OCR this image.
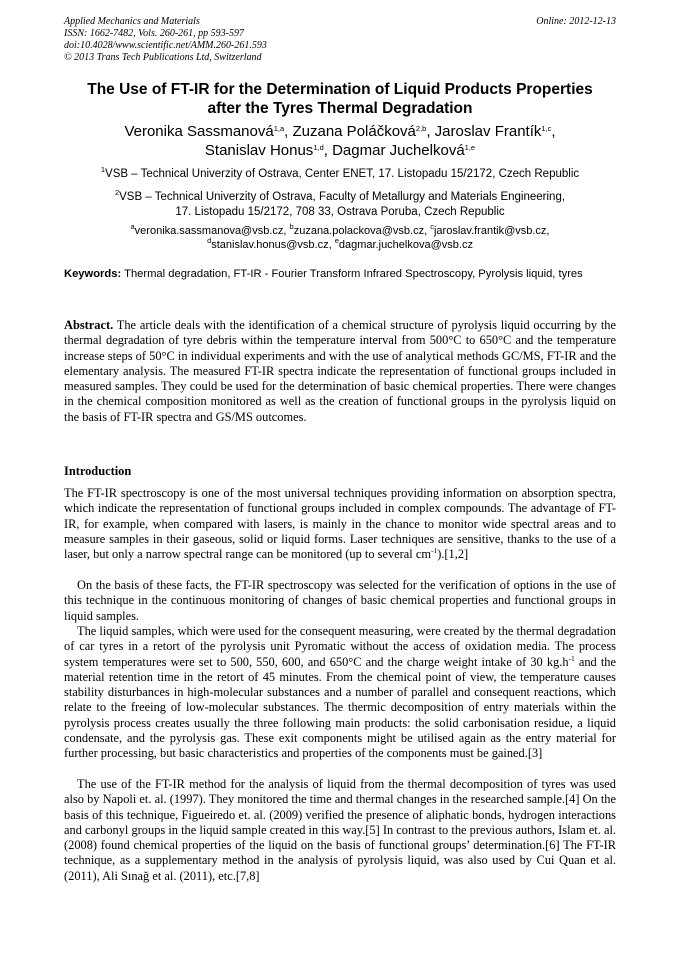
Applied Mechanics and Materials
ISSN: 1662-7482, Vols. 260-261, pp 593-597
doi:10.4028/www.scientific.net/AMM.260-261.593
© 2013 Trans Tech Publications Ltd, Switzerland
Online: 2012-12-13
The Use of FT-IR for the Determination of Liquid Products Properties
after the Tyres Thermal Degradation
Veronika Sassmanová$^{1,a}$, Zuzana Poláčková$^{2,b}$, Jaroslav Frantík$^{1,c}$,
Stanislav Honus$^{1,d}$, Dagmar Juchelková$^{1,e}$
$^1$VSB – Technical Univerzity of Ostrava, Center ENET, 17. Listopadu 15/2172, Czech Republic
$^2$VSB – Technical Univerzity of Ostrava, Faculty of Metallurgy and Materials Engineering,
17. Listopadu 15/2172, 708 33, Ostrava Poruba, Czech Republic
$^a$veronika.sassmanova@vsb.cz, $^b$zuzana.polackova@vsb.cz, $^c$jaroslav.frantik@vsb.cz,
$^d$stanislav.honus@vsb.cz, $^e$dagmar.juchelkova@vsb.cz
Keywords: Thermal degradation, FT-IR - Fourier Transform Infrared Spectroscopy, Pyrolysis liquid, tyres
Abstract. The article deals with the identification of a chemical structure of pyrolysis liquid occurring by the thermal degradation of tyre debris within the temperature interval from 500°C to 650°C and the temperature increase steps of 50°C in individual experiments and with the use of analytical methods GC/MS, FT-IR and the elementary analysis. The measured FT-IR spectra indicate the representation of functional groups included in measured samples. They could be used for the determination of basic chemical properties. There were changes in the chemical composition monitored as well as the creation of functional groups in the pyrolysis liquid on the basis of FT-IR spectra and GS/MS outcomes.
Introduction
The FT-IR spectroscopy is one of the most universal techniques providing information on absorption spectra, which indicate the representation of functional groups included in complex compounds. The advantage of FT-IR, for example, when compared with lasers, is mainly in the chance to monitor wide spectral areas and to measure samples in their gaseous, solid or liquid forms. Laser techniques are sensitive, thanks to the use of a laser, but only a narrow spectral range can be monitored (up to several $cm^{-1}).[1,2]$
On the basis of these facts, the FT-IR spectroscopy was selected for the verification of options in the use of this technique in the continuous monitoring of changes of basic chemical properties and functional groups in liquid samples.
The liquid samples, which were used for the consequent measuring, were created by the thermal degradation of car tyres in a retort of the pyrolysis unit Pyromatic without the access of oxidation media. The process system temperatures were set to 500, 550, 600, and 650°C and the charge weight intake of 30 $kg.h^{-1}$ and the material retention time in the retort of 45 minutes. From the chemical point of view, the temperature causes stability disturbances in high-molecular substances and a number of parallel and consequent reactions, which relate to the freeing of low-molecular substances. The thermic decomposition of entry materials within the pyrolysis process creates usually the three following main products: the solid carbonisation residue, a liquid condensate, and the pyrolysis gas. These exit components might be utilised again as the entry material for further processing, but basic characteristics and properties of the components must be gained.[3]
The use of the FT-IR method for the analysis of liquid from the thermal decomposition of tyres was used also by Napoli et. al. (1997). They monitored the time and thermal changes in the researched sample.[4] On the basis of this technique, Figueiredo et. al. (2009) verified the presence of aliphatic bonds, hydrogen interactions and carbonyl groups in the liquid sample created in this way.[5] In contrast to the previous authors, Islam et. al. (2008) found chemical properties of the liquid on the basis of functional groups’ determination.[6] The FT-IR technique, as a supplementary method in the analysis of pyrolysis liquid, was also used by Cui Quan et al. (2011), Ali Sınağ et al. (2011), etc.[7,8]
